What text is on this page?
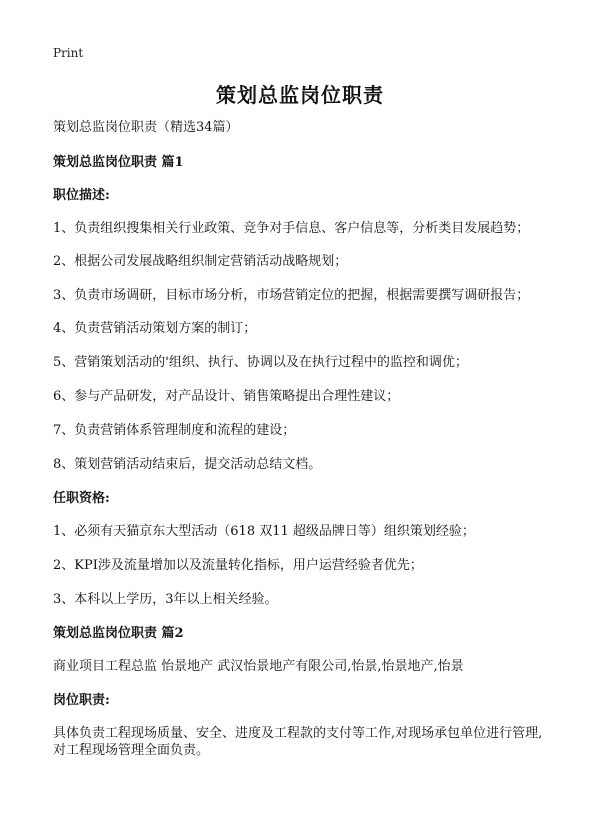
Print
策划总监岗位职责
策划总监岗位职责（精选34篇）
策划总监岗位职责 篇1
职位描述:
1、负责组织搜集相关行业政策、竞争对手信息、客户信息等，分析类目发展趋势；
2、根据公司发展战略组织制定营销活动战略规划；
3、负责市场调研，目标市场分析，市场营销定位的把握，根据需要撰写调研报告；
4、负责营销活动策划方案的制订；
5、营销策划活动的'组织、执行、协调以及在执行过程中的监控和调优；
6、参与产品研发，对产品设计、销售策略提出合理性建议；
7、负责营销体系管理制度和流程的建设；
8、策划营销活动结束后，提交活动总结文档。
任职资格:
1、必须有天猫京东大型活动（618 双11 超级品牌日等）组织策划经验；
2、KPI涉及流量增加以及流量转化指标，用户运营经验者优先；
3、本科以上学历，3年以上相关经验。
策划总监岗位职责 篇2
商业项目工程总监 怡景地产 武汉怡景地产有限公司,怡景,怡景地产,怡景
岗位职责:
具体负责工程现场质量、安全、进度及工程款的支付等工作,对现场承包单位进行管理,对工程现场管理全面负责。
